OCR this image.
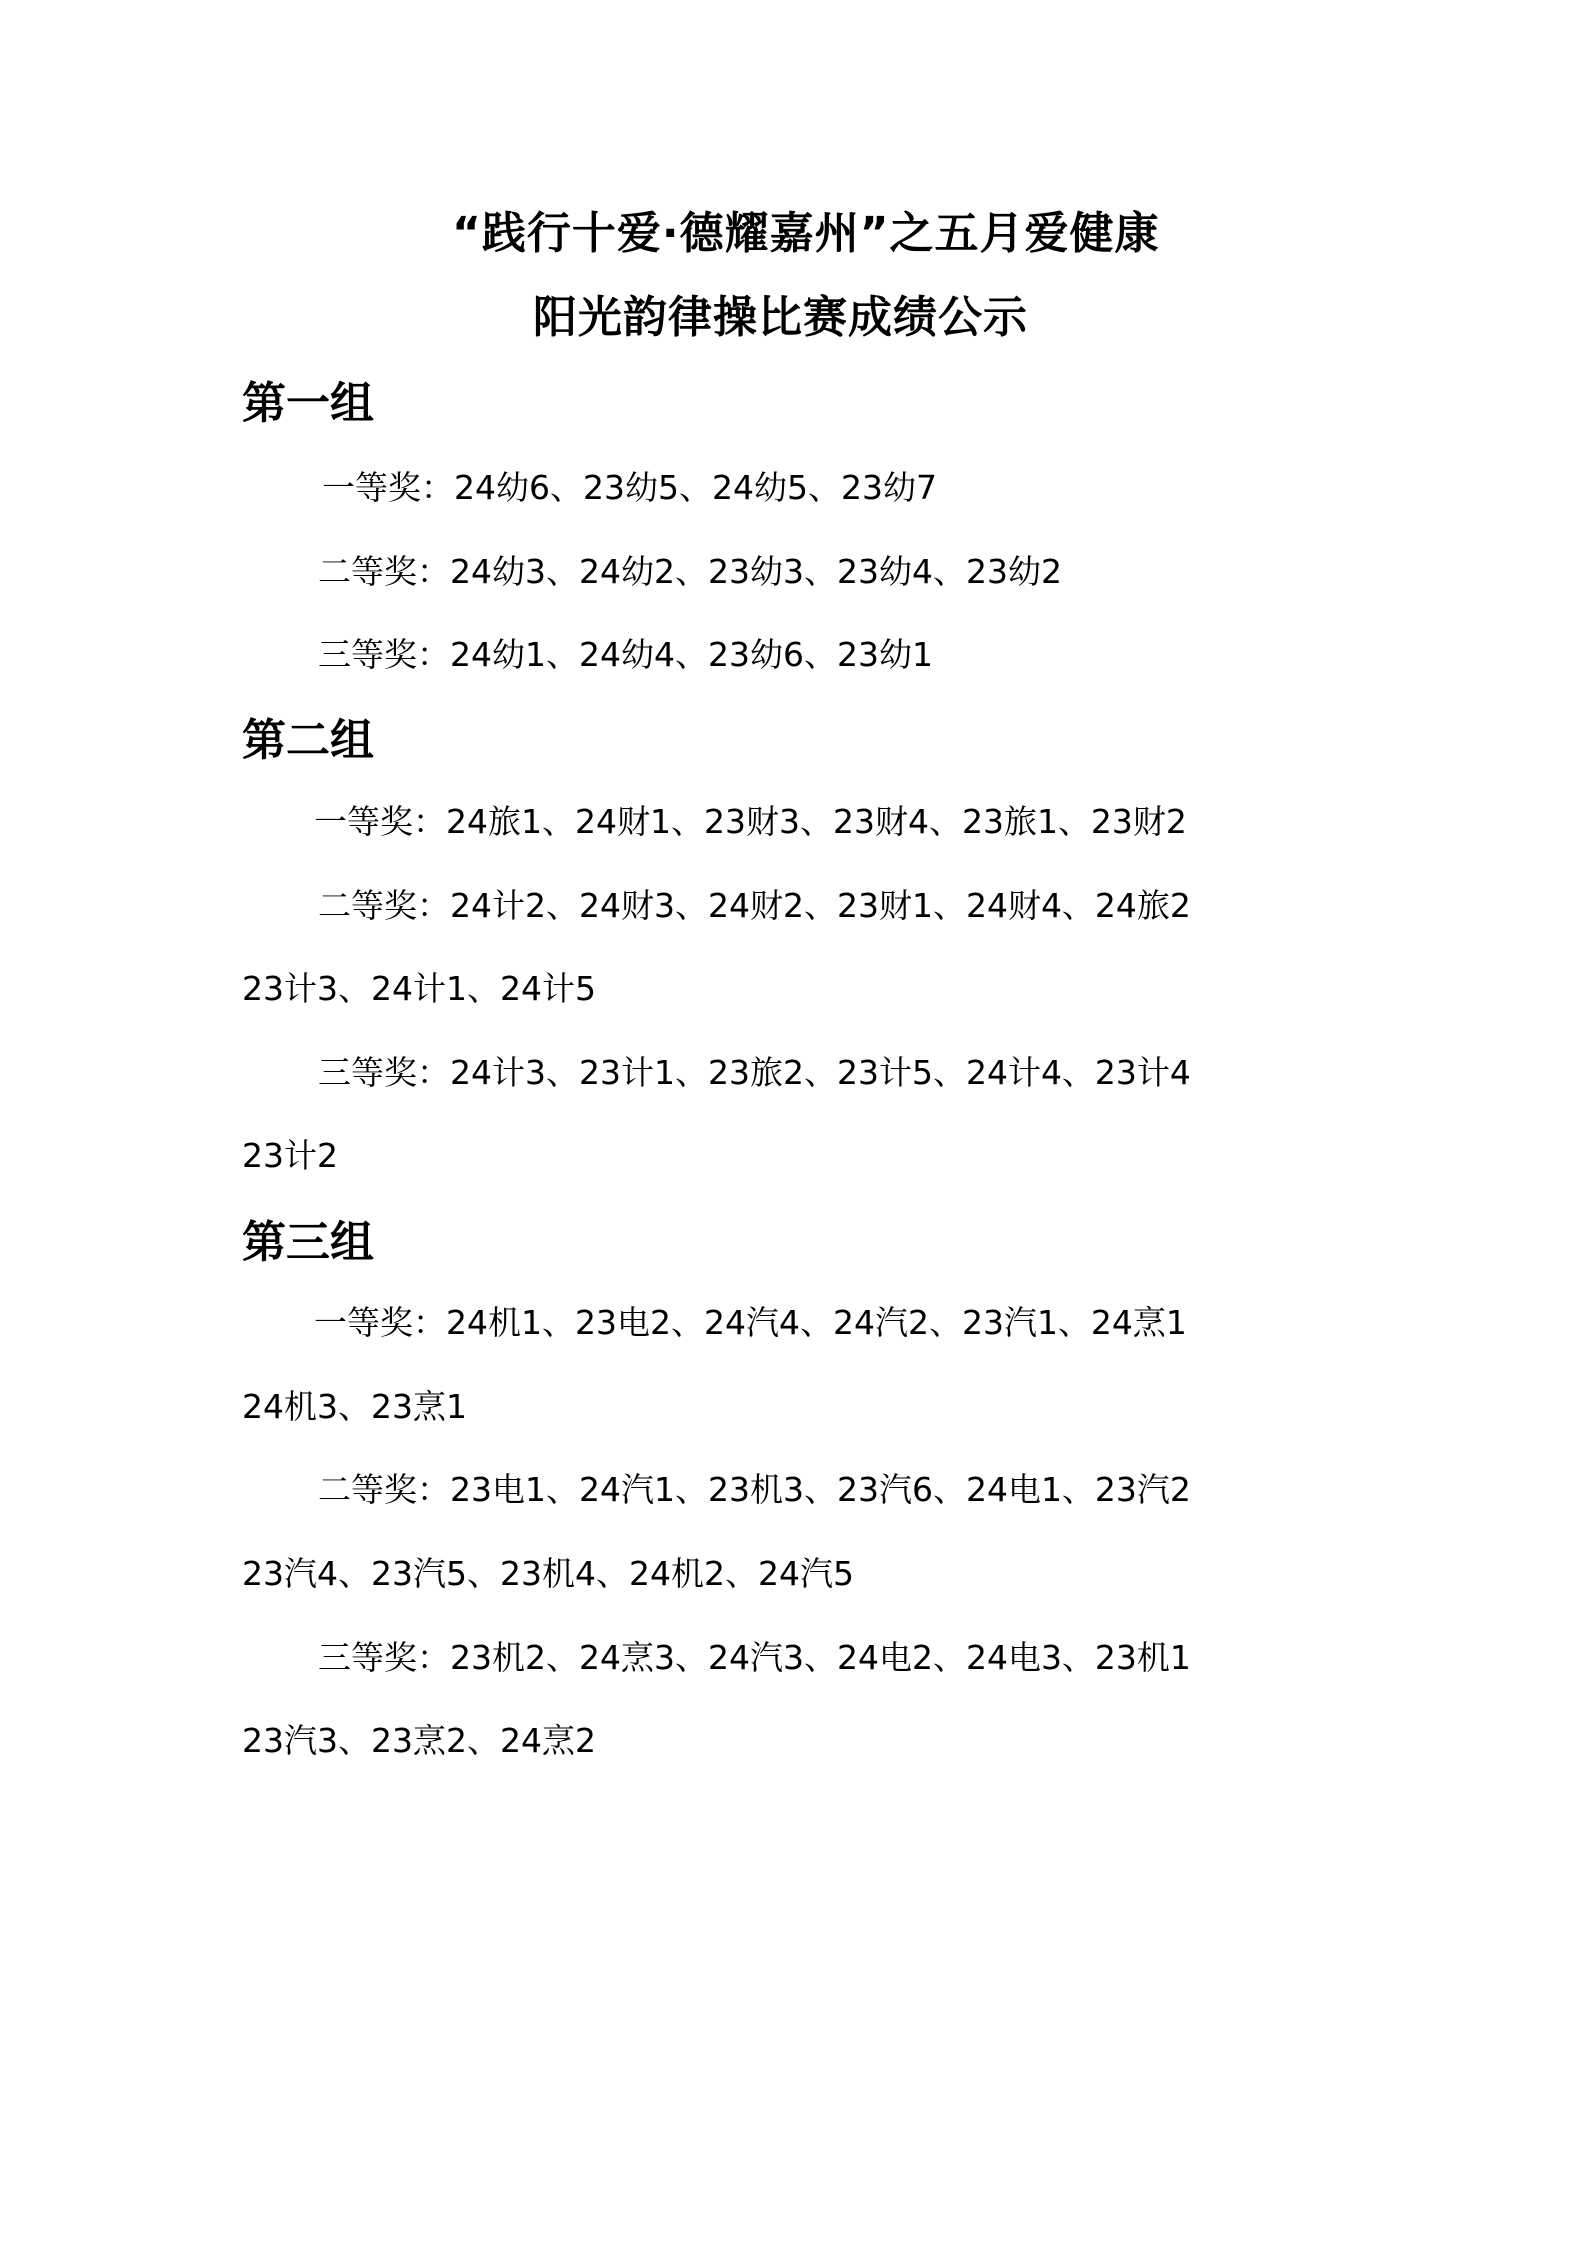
“践行十爱·德耀嘉州”之五月爱健康
阳光韵律操比赛成绩公示
第一组
一等奖：24幼6、23幼5、24幼5、23幼7
二等奖：24幼3、24幼2、23幼3、23幼4、23幼2
三等奖：24幼1、24幼4、23幼6、23幼1
第二组
一等奖：24旅1、24财1、23财3、23财4、23旅1、23财2
二等奖：24计2、24财3、24财2、23财1、24财4、24旅2
23计3、24计1、24计5
三等奖：24计3、23计1、23旅2、23计5、24计4、23计4
23计2
第三组
一等奖：24机1、23电2、24汽4、24汽2、23汽1、24烹1
24机3、23烹1
二等奖：23电1、24汽1、23机3、23汽6、24电1、23汽2
23汽4、23汽5、23机4、24机2、24汽5
三等奖：23机2、24烹3、24汽3、24电2、24电3、23机1
23汽3、23烹2、24烹2
